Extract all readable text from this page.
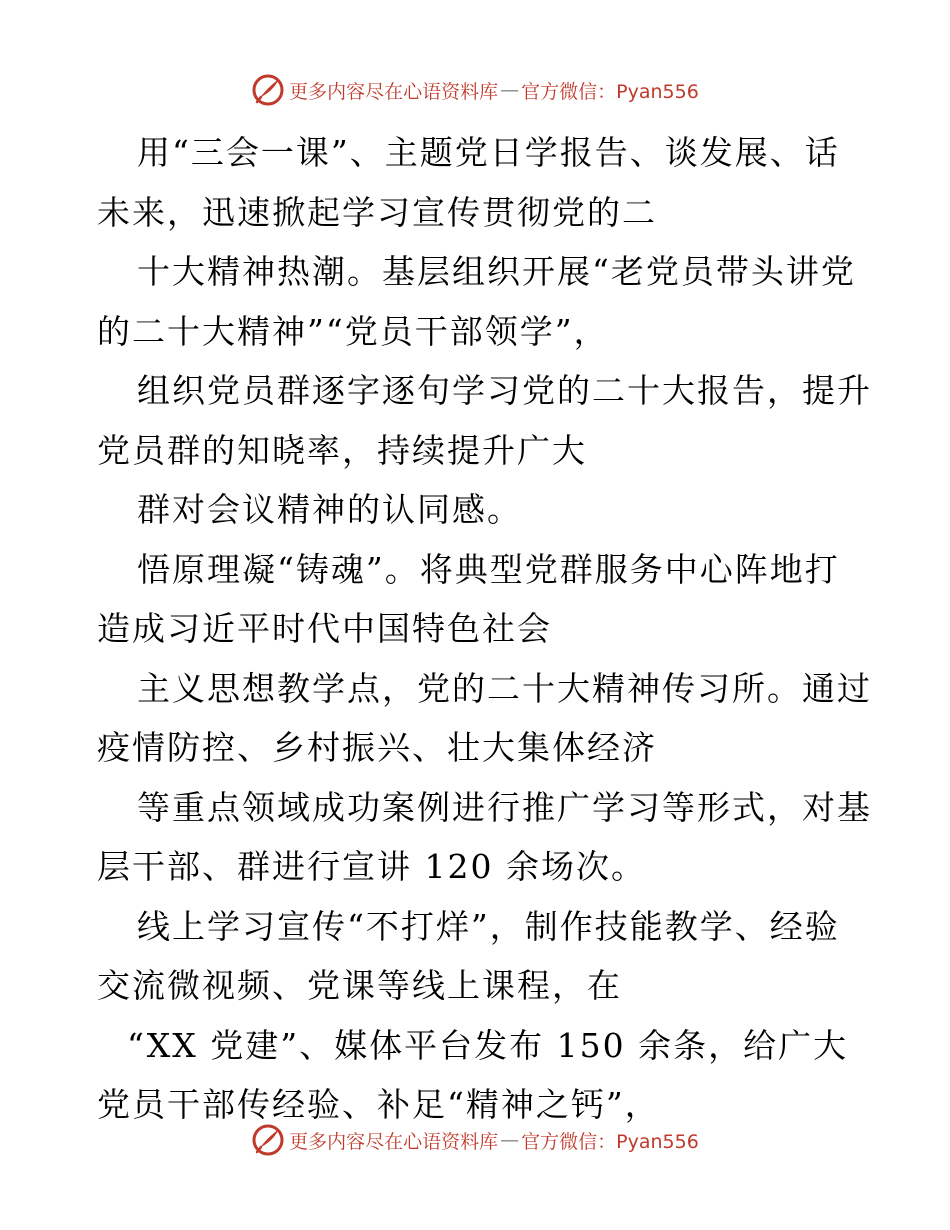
更多内容尽在心语资料库 — 官方微信：Pyan556

用“三会一课”、主题党日学报告、谈发展、话

未来，迅速掀起学习宣传贯彻党的二

十大精神热潮。基层组织开展“老党员带头讲党

的二十大精神”“党员干部领学”，

组织党员群逐字逐句学习党的二十大报告，提升

党员群的知晓率，持续提升广大

群对会议精神的认同感。

悟原理凝“铸魂”。将典型党群服务中心阵地打

造成习近平时代中国特色社会

主义思想教学点，党的二十大精神传习所。通过

疫情防控、乡村振兴、壮大集体经济

等重点领域成功案例进行推广学习等形式，对基

层干部、群进行宣讲 120 余场次。

线上学习宣传“不打烊”，制作技能教学、经验

交流微视频、党课等线上课程，在

“XX 党建”、媒体平台发布 150 余条，给广大

党员干部传经验、补足“精神之钙”，

更多内容尽在心语资料库 — 官方微信：Pyan556
